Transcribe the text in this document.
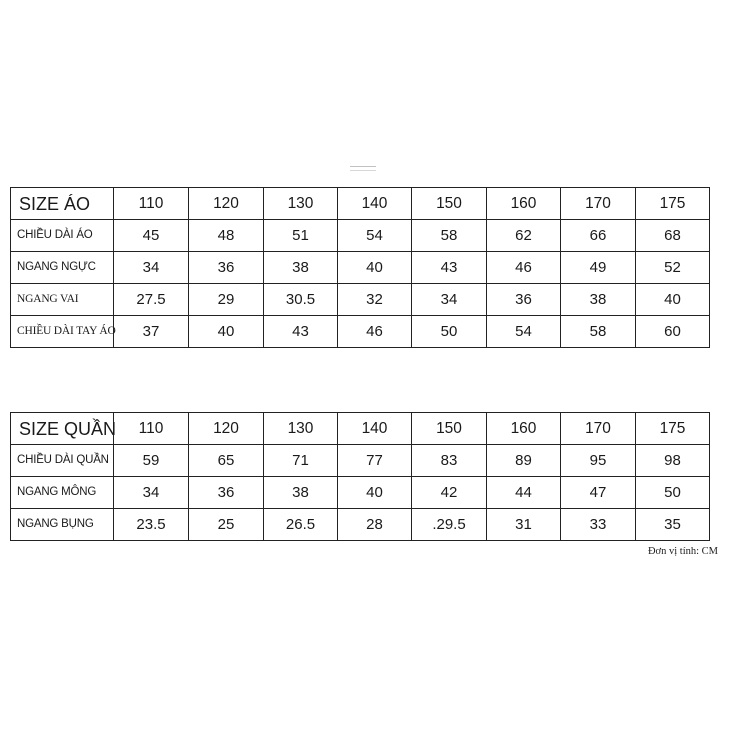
SIZE ÁO	110	120	130	140	150	160	170	175
CHIỀU DÀI ÁO	45	48	51	54	58	62	66	68
NGANG NGỰC	34	36	38	40	43	46	49	52
NGANG VAI	27.5	29	30.5	32	34	36	38	40
CHIỀU DÀI TAY ÁO	37	40	43	46	50	54	58	60
SIZE QUẦN	110	120	130	140	150	160	170	175
CHIỀU DÀI QUẦN	59	65	71	77	83	89	95	98
NGANG MÔNG	34	36	38	40	42	44	47	50
NGANG BỤNG	23.5	25	26.5	28	.29.5	31	33	35
Đơn vị tính: CM
